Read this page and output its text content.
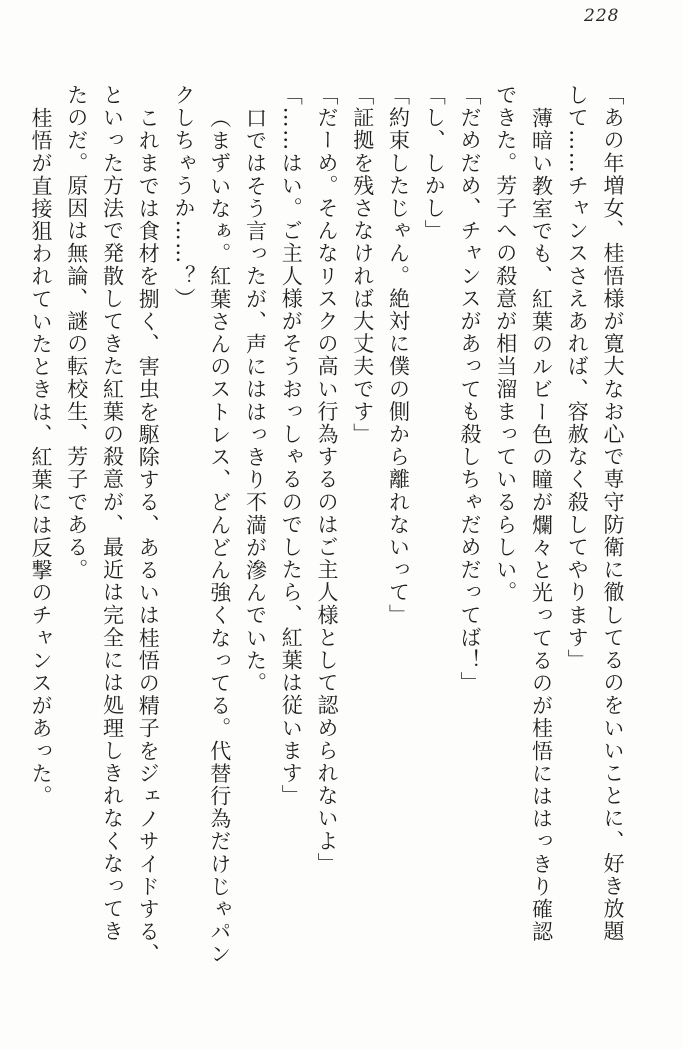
228
「あの年増女、桂悟様が寛大なお心で専守防衛に徹してるのをいいことに、好き放題
して……チャンスさえあれば、容赦なく殺してやります」
薄暗い教室でも、紅葉のルビー色の瞳が爛々と光ってるのが桂悟にははっきり確認
できた。芳子への殺意が相当溜まっているらしい。
「だめだめ、チャンスがあっても殺しちゃだめだってば！」
「し、しかし」
「約束したじゃん。絶対に僕の側から離れないって」
「証拠を残さなければ大丈夫です」
「だーめ。そんなリスクの高い行為するのはご主人様として認められないよ」
「……はい。ご主人様がそうおっしゃるのでしたら、紅葉は従います」
口ではそう言ったが、声にははっきり不満が滲んでいた。
（まずいなぁ。紅葉さんのストレス、どんどん強くなってる。代替行為だけじゃパン
クしちゃうか……？）
これまでは食材を捌く、害虫を駆除する、あるいは桂悟の精子をジェノサイドする、
といった方法で発散してきた紅葉の殺意が、最近は完全には処理しきれなくなってき
たのだ。原因は無論、謎の転校生、芳子である。
桂悟が直接狙われていたときは、紅葉には反撃のチャンスがあった。
